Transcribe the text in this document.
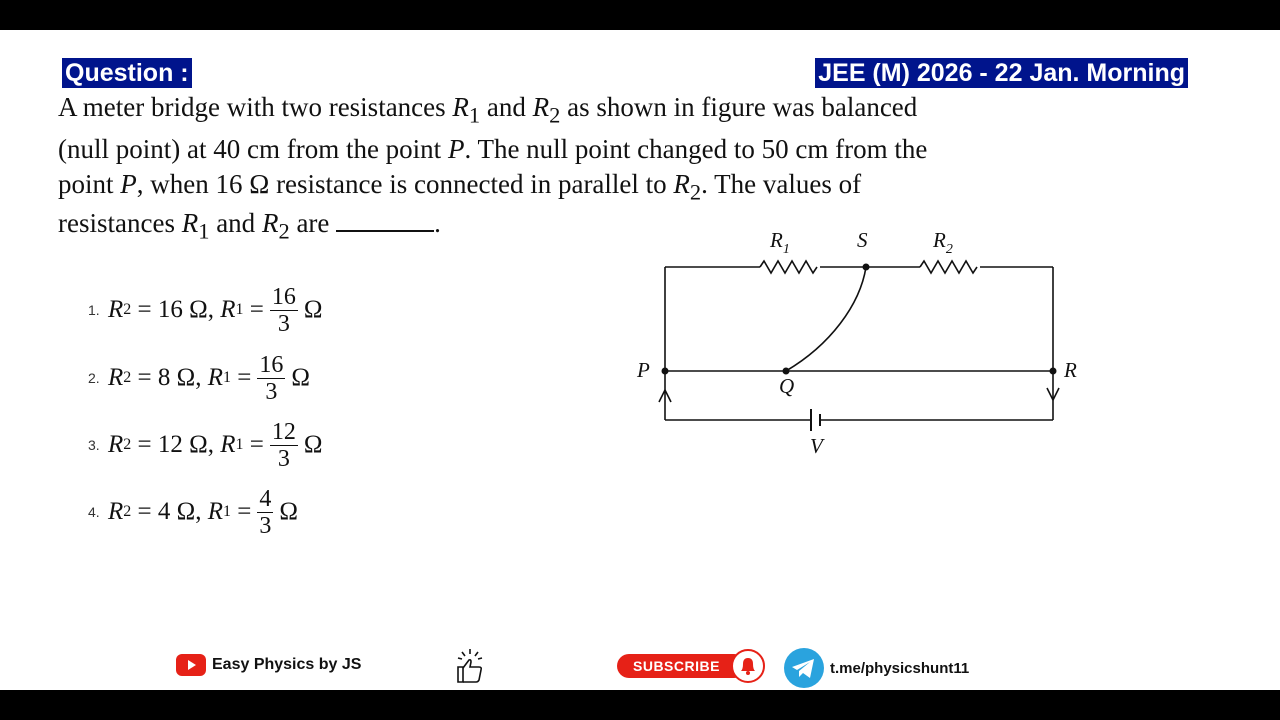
Question :	JEE (M) 2026 - 22 Jan. Morning
A meter bridge with two resistances $R_1$ and $R_2$ as shown in figure was balanced
(null point) at 40 cm from the point P. The null point changed to 50 cm from the
point P, when 16 Ω resistance is connected in parallel to $R_2$. The values of
resistances $R_1$ and $R_2$ are	.
1. R 2
=
16 Ω,
R 1
= $\frac{16}{3}$ Ω
2. R 2
=
8 Ω,
R 1
= $\frac{16}{3}$ Ω
3. R 2
=
12 Ω,
R 1
= $\frac{12}{3}$ Ω
4. R 2
=
4 Ω,
R 1
= $\frac{4}{3}$ Ω
$R_1$	S	$R_2$
P
Q
R
V
Easy Physics by JS	SUBSCRIBE	t.me/physicshunt11
